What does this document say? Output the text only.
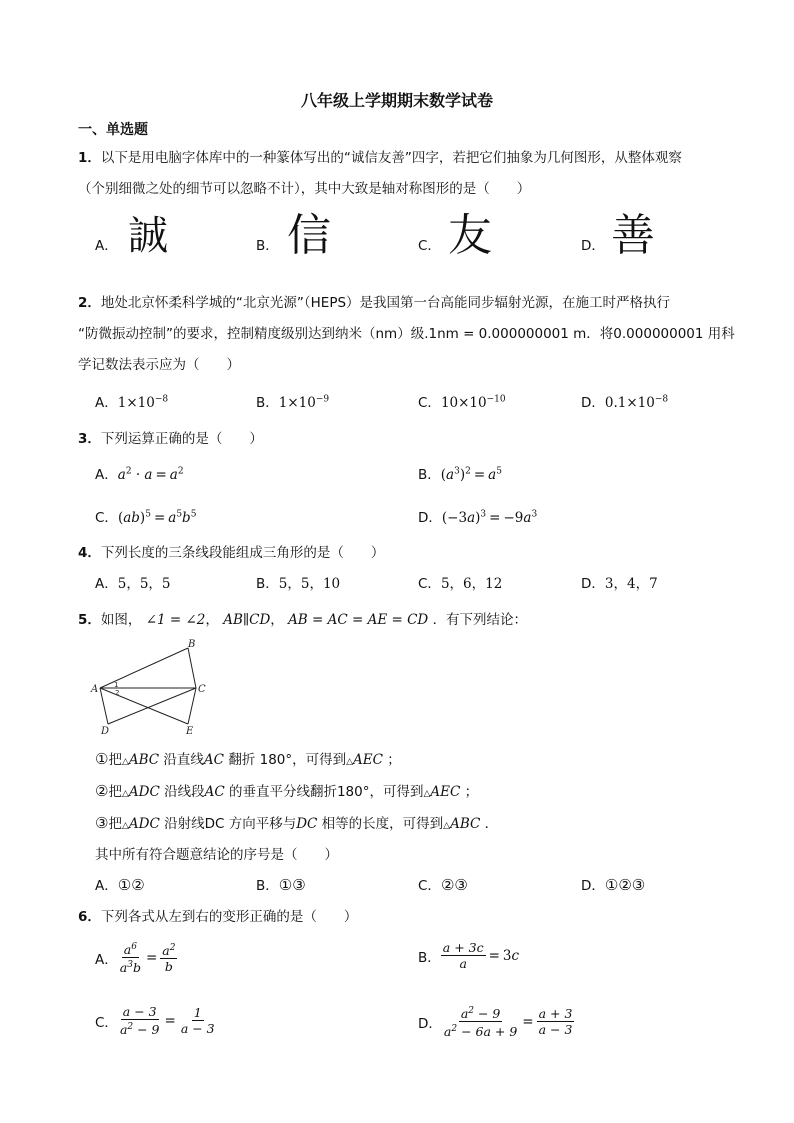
八年级上学期期末数学试卷
一、单选题
1．以下是用电脑字体库中的一种篆体写出的“诚信友善”四字，若把它们抽象为几何图形，从整体观察
（个别细微之处的细节可以忽略不计），其中大致是轴对称图形的是（　　）
A． 誠	B． 信	C． 友	D． 善
2．地处北京怀柔科学城的“北京光源”（HEPS）是我国第一台高能同步辐射光源，在施工时严格执行
“防微振动控制”的要求，控制精度级别达到纳米（nm）级.1nm = 0.000000001 m．将0.000000001 用科
学记数法表示应为（　　）
A．$1\times 10^{-8}$	B．$1\times 10^{-9}$	C．$10\times 10^{-10}$	D．$0.1\times 10^{-8}$
3．下列运算正确的是（　　）
A．$a^2 \cdot a = a^2$	B．$(a^3)^2 = a^5$
C．$(ab)^5 = a^5b^5$	D．$(-3a)^3 = -9a^3$
4．下列长度的三条线段能组成三角形的是（　　）
A．5，5，5	B．5，5，10	C．5，6，12	D．3，4，7
5．如图， ∠1 = ∠2， AB∥CD， AB = AC = AE = CD ．有下列结论：
A
B
C
D	E
1
2
①把△ABC 沿直线AC 翻折 180°，可得到△AEC ；
②把△ADC 沿线段AC 的垂直平分线翻折180°，可得到△AEC ；
③把△ADC 沿射线DC 方向平移与DC 相等的长度，可得到△ABC ．
其中所有符合题意结论的序号是（　　）
A．①②	B．①③	C．②③	D．①②③
6．下列各式从左到右的变形正确的是（　　）
A． $\frac{a^6}{a^3b} = \frac{a^2}{b}$	B． $\frac{a + 3c}{a} = 3$ c
C． $\frac{a - 3}{a^2 - 9} = \frac{1}{a - 3}$	D． $\frac{a^2 - 9}{a^2 - 6a + 9} = \frac{a + 3}{a - 3}$
